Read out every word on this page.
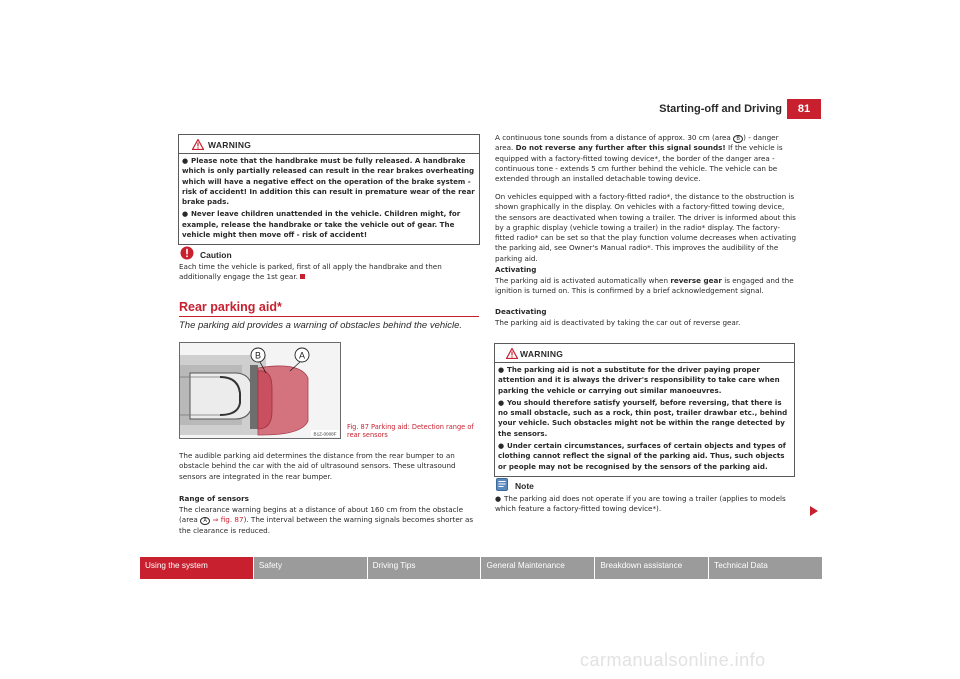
Starting-off and Driving	81
WARNING

● Please note that the handbrake must be fully released. A handbrake which is only partially released can result in the rear brakes overheating which will have a negative effect on the operation of the brake system - risk of accident! In addition this can result in premature wear of the rear brake pads.

● Never leave children unattended in the vehicle. Children might, for example, release the handbrake or take the vehicle out of gear. The vehicle might then move off - risk of accident!

Caution
Each time the vehicle is parked, first of all apply the handbrake and then additionally engage the 1st gear.
Rear parking aid*
The parking aid provides a warning of obstacles behind the vehicle.
B	A
B1Z-0008F
Fig. 87 Parking aid: Detection range of rear sensors
The audible parking aid determines the distance from the rear bumper to an obstacle behind the car with the aid of ultrasound sensors. These ultrasound sensors are integrated in the rear bumper.
Range of sensors
The clearance warning begins at a distance of about 160 cm from the obstacle (area A ⇒ fig. 87). The interval between the warning signals becomes shorter as the clearance is reduced.
A continuous tone sounds from a distance of approx. 30 cm (area B ) - danger area. Do not reverse any further after this signal sounds! If the vehicle is equipped with a factory-fitted towing device*, the border of the danger area - continuous tone - extends 5 cm further behind the vehicle. The vehicle can be extended through an installed detachable towing device.
On vehicles equipped with a factory-fitted radio*, the distance to the obstruction is shown graphically in the display. On vehicles with a factory-fitted towing device, the sensors are deactivated when towing a trailer. The driver is informed about this by a graphic display (vehicle towing a trailer) in the radio* display. The factory-fitted radio* can be set so that the play function volume decreases when activating the parking aid, see Owner's Manual radio*. This improves the audibility of the parking aid.
Activating
The parking aid is activated automatically when reverse gear is engaged and the ignition is turned on. This is confirmed by a brief acknowledgement signal.
Deactivating
The parking aid is deactivated by taking the car out of reverse gear.
WARNING

● The parking aid is not a substitute for the driver paying proper attention and it is always the driver's responsibility to take care when parking the vehicle or carrying out similar manoeuvres.

● You should therefore satisfy yourself, before reversing, that there is no small obstacle, such as a rock, thin post, trailer drawbar etc., behind your vehicle. Such obstacles might not be within the range detected by the sensors.

● Under certain circumstances, surfaces of certain objects and types of clothing cannot reflect the signal of the parking aid. Thus, such objects or people may not be recognised by the sensors of the parking aid.

Note
● The parking aid does not operate if you are towing a trailer (applies to models which feature a factory-fitted towing device*).
Using the system	Safety	Driving Tips	General Maintenance	Breakdown assistance	Technical Data
carmanualsonline.info
